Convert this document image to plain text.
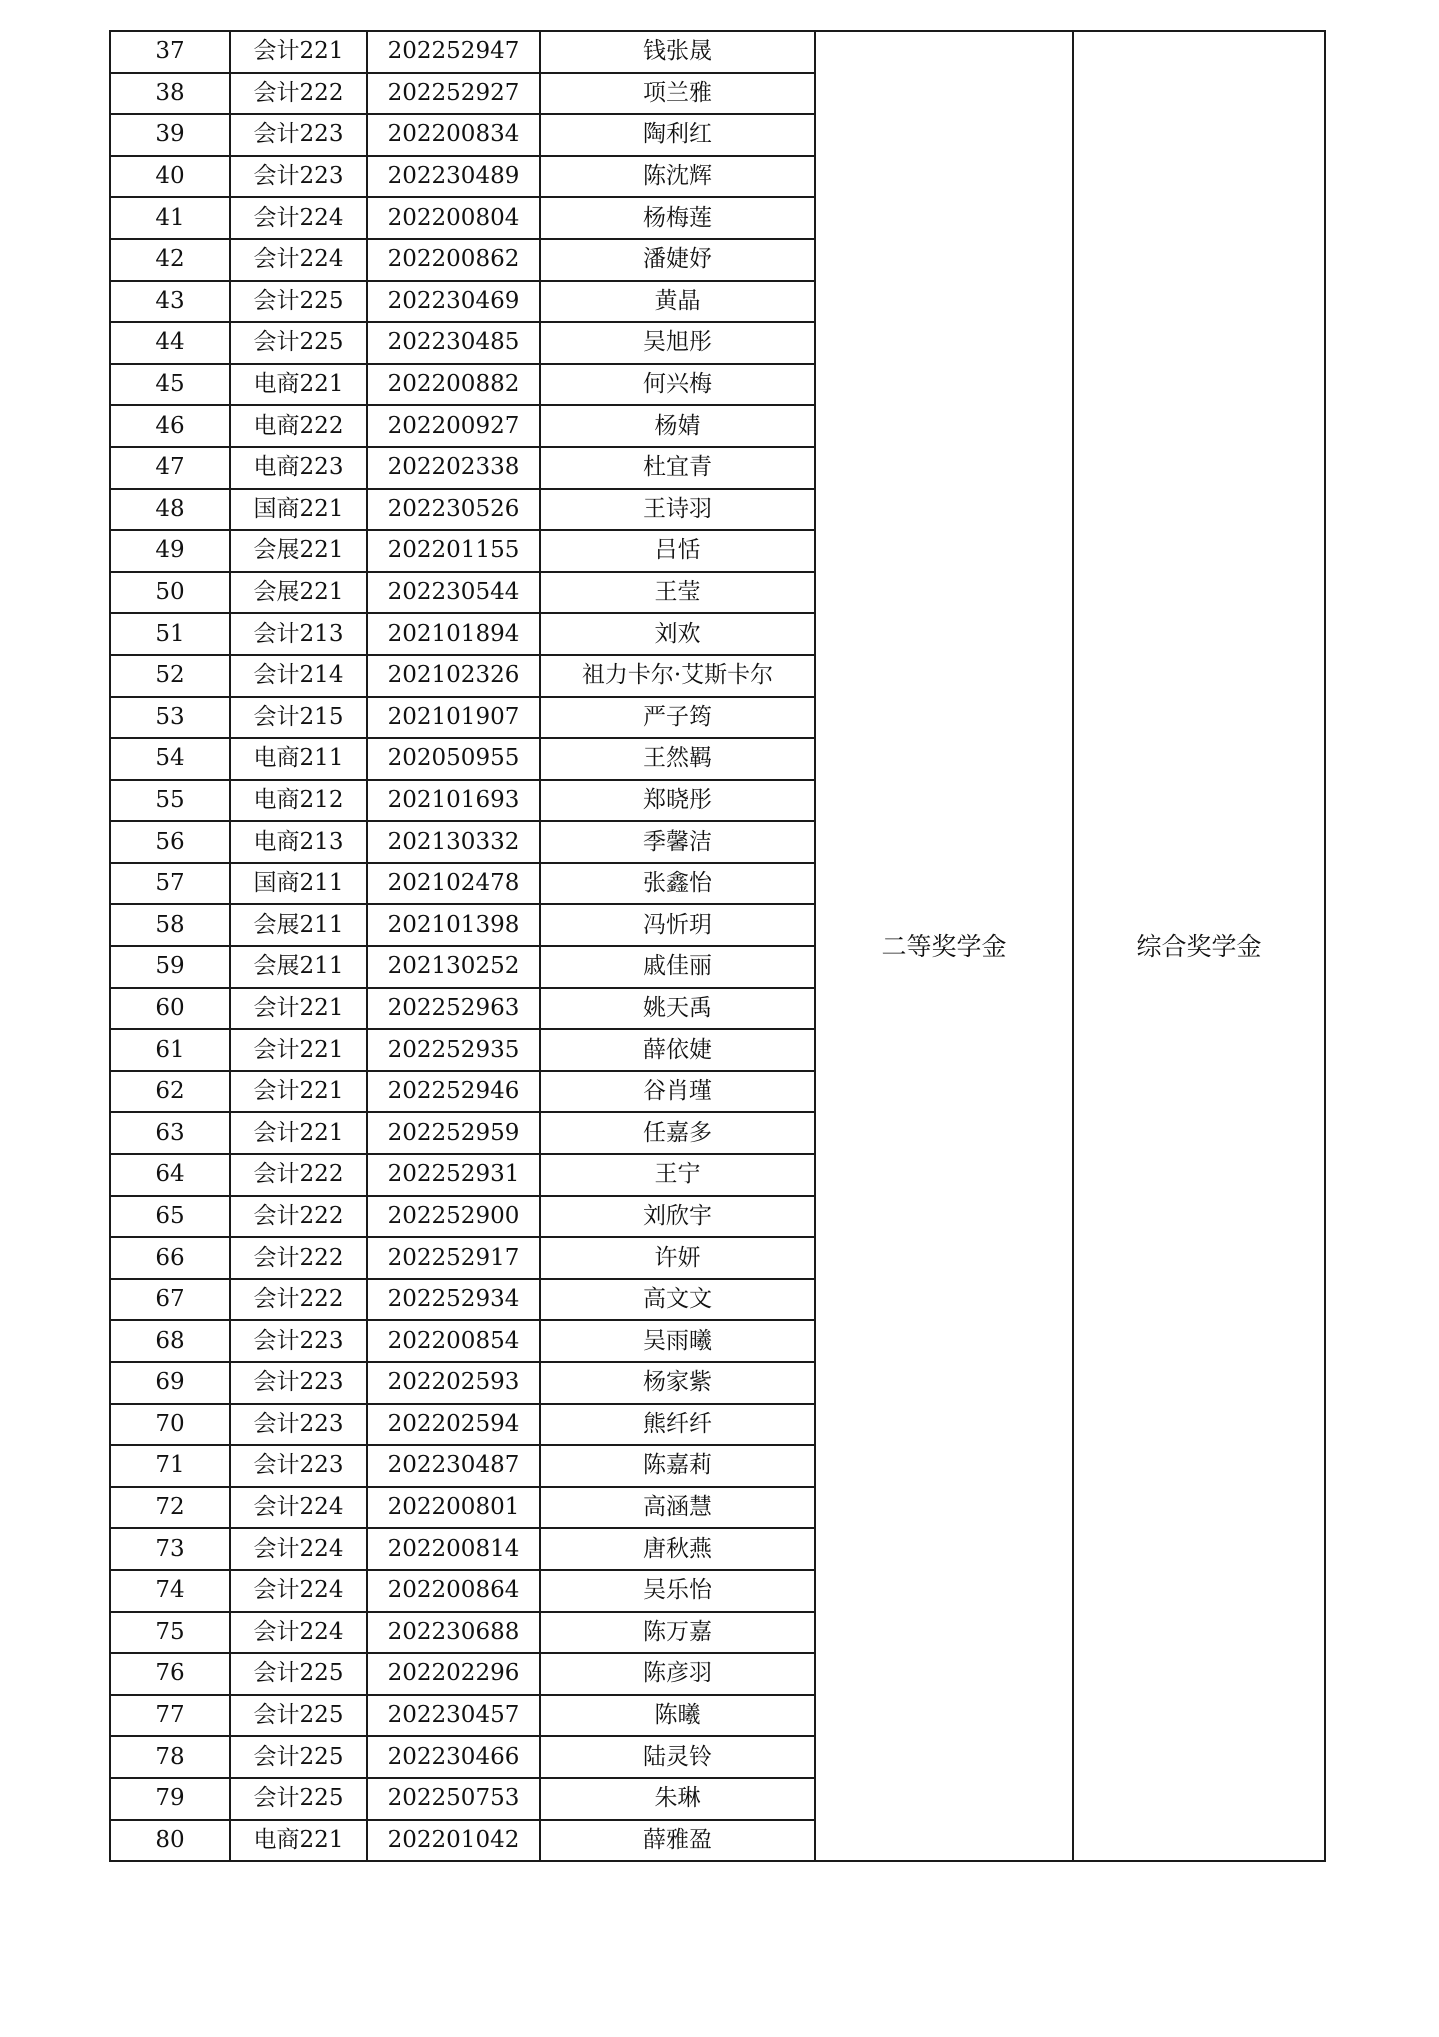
37	会计221	202252947	钱张晟	二等奖学金	综合奖学金
38	会计222	202252927	项兰雅		
39	会计223	202200834	陶利红		
40	会计223	202230489	陈沈辉		
41	会计224	202200804	杨梅莲		
42	会计224	202200862	潘婕妤		
43	会计225	202230469	黄晶		
44	会计225	202230485	吴旭彤		
45	电商221	202200882	何兴梅		
46	电商222	202200927	杨婧		
47	电商223	202202338	杜宜青		
48	国商221	202230526	王诗羽		
49	会展221	202201155	吕恬		
50	会展221	202230544	王莹		
51	会计213	202101894	刘欢		
52	会计214	202102326	祖力卡尔·艾斯卡尔		
53	会计215	202101907	严子筠		
54	电商211	202050955	王然羁		
55	电商212	202101693	郑晓彤		
56	电商213	202130332	季馨洁		
57	国商211	202102478	张鑫怡		
58	会展211	202101398	冯忻玥		
59	会展211	202130252	戚佳丽		
60	会计221	202252963	姚天禹		
61	会计221	202252935	薛依婕		
62	会计221	202252946	谷肖瑾		
63	会计221	202252959	任嘉多		
64	会计222	202252931	王宁		
65	会计222	202252900	刘欣宇		
66	会计222	202252917	许妍		
67	会计222	202252934	高文文		
68	会计223	202200854	吴雨曦		
69	会计223	202202593	杨家紫		
70	会计223	202202594	熊纤纤		
71	会计223	202230487	陈嘉莉		
72	会计224	202200801	高涵慧		
73	会计224	202200814	唐秋燕		
74	会计224	202200864	吴乐怡		
75	会计224	202230688	陈万嘉		
76	会计225	202202296	陈彦羽		
77	会计225	202230457	陈曦		
78	会计225	202230466	陆灵铃		
79	会计225	202250753	朱琳		
80	电商221	202201042	薛雅盈		
